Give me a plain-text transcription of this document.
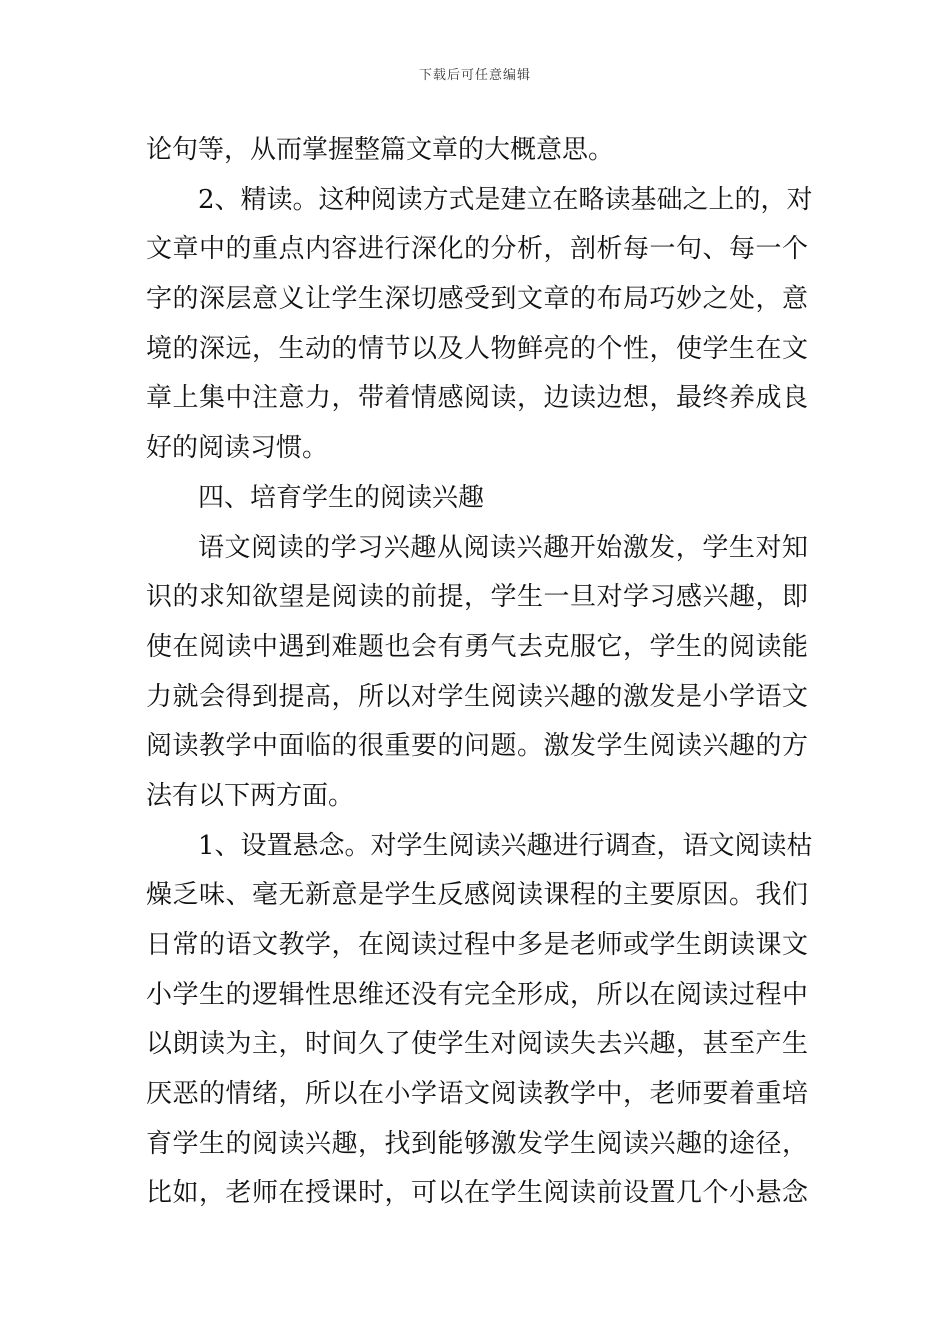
下载后可任意编辑
论句等，从而掌握整篇文章的大概意思。
2、精读。这种阅读方式是建立在略读基础之上的，对
文章中的重点内容进行深化的分析，剖析每一句、每一个
字的深层意义让学生深切感受到文章的布局巧妙之处，意
境的深远，生动的情节以及人物鲜亮的个性，使学生在文
章上集中注意力，带着情感阅读，边读边想，最终养成良
好的阅读习惯。
四、培育学生的阅读兴趣
语文阅读的学习兴趣从阅读兴趣开始激发，学生对知
识的求知欲望是阅读的前提，学生一旦对学习感兴趣，即
使在阅读中遇到难题也会有勇气去克服它，学生的阅读能
力就会得到提高，所以对学生阅读兴趣的激发是小学语文
阅读教学中面临的很重要的问题。激发学生阅读兴趣的方
法有以下两方面。
1、设置悬念。对学生阅读兴趣进行调查，语文阅读枯
燥乏味、毫无新意是学生反感阅读课程的主要原因。我们
日常的语文教学，在阅读过程中多是老师或学生朗读课文
小学生的逻辑性思维还没有完全形成，所以在阅读过程中
以朗读为主，时间久了使学生对阅读失去兴趣，甚至产生
厌恶的情绪，所以在小学语文阅读教学中，老师要着重培
育学生的阅读兴趣，找到能够激发学生阅读兴趣的途径，
比如，老师在授课时，可以在学生阅读前设置几个小悬念
